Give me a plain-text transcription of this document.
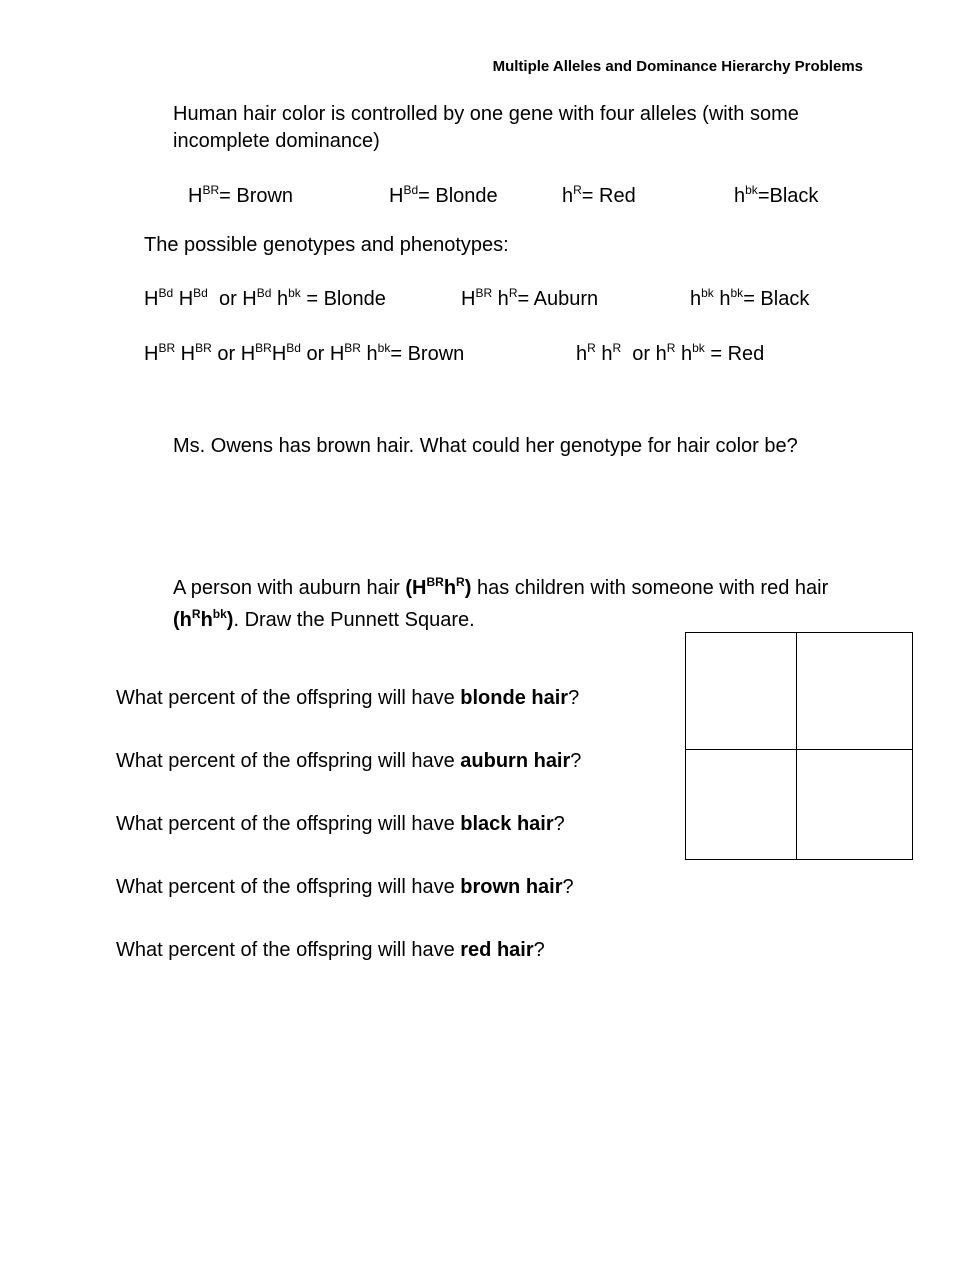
Multiple Alleles and Dominance Hierarchy Problems
Human hair color is controlled by one gene with four alleles (with some
incomplete dominance)
$H^{BR}=$ Brown	$H^{Bd}=$ Blonde	$h^R=$ Red	$h^{bk}=Black$
The possible genotypes and phenotypes:
$H^{Bd}$ $H^{Bd}$  or $H^{Bd}$ $h^{bk}$ = Blonde	$H^{BR}$ $h^R=$ Auburn	$h^{bk}$ $h^{bk}=$ Black
$H^{BR}$ $H^{BR}$ or $H^{BR}H^{Bd}$ or $H^{BR}$ $h^{bk}=$ Brown	$h^R$ $h^R$  or $h^R$ $h^{bk}$ = Red
Ms. Owens has brown hair. What could her genotype for hair color be?
A person with auburn hair $(H^{BR}h^R)$ has children with someone with red hair
$(h^Rh^{bk})$. Draw the Punnett Square.
What percent of the offspring will have blonde hair?
What percent of the offspring will have auburn hair?
What percent of the offspring will have black hair?
What percent of the offspring will have brown hair?
What percent of the offspring will have red hair?
